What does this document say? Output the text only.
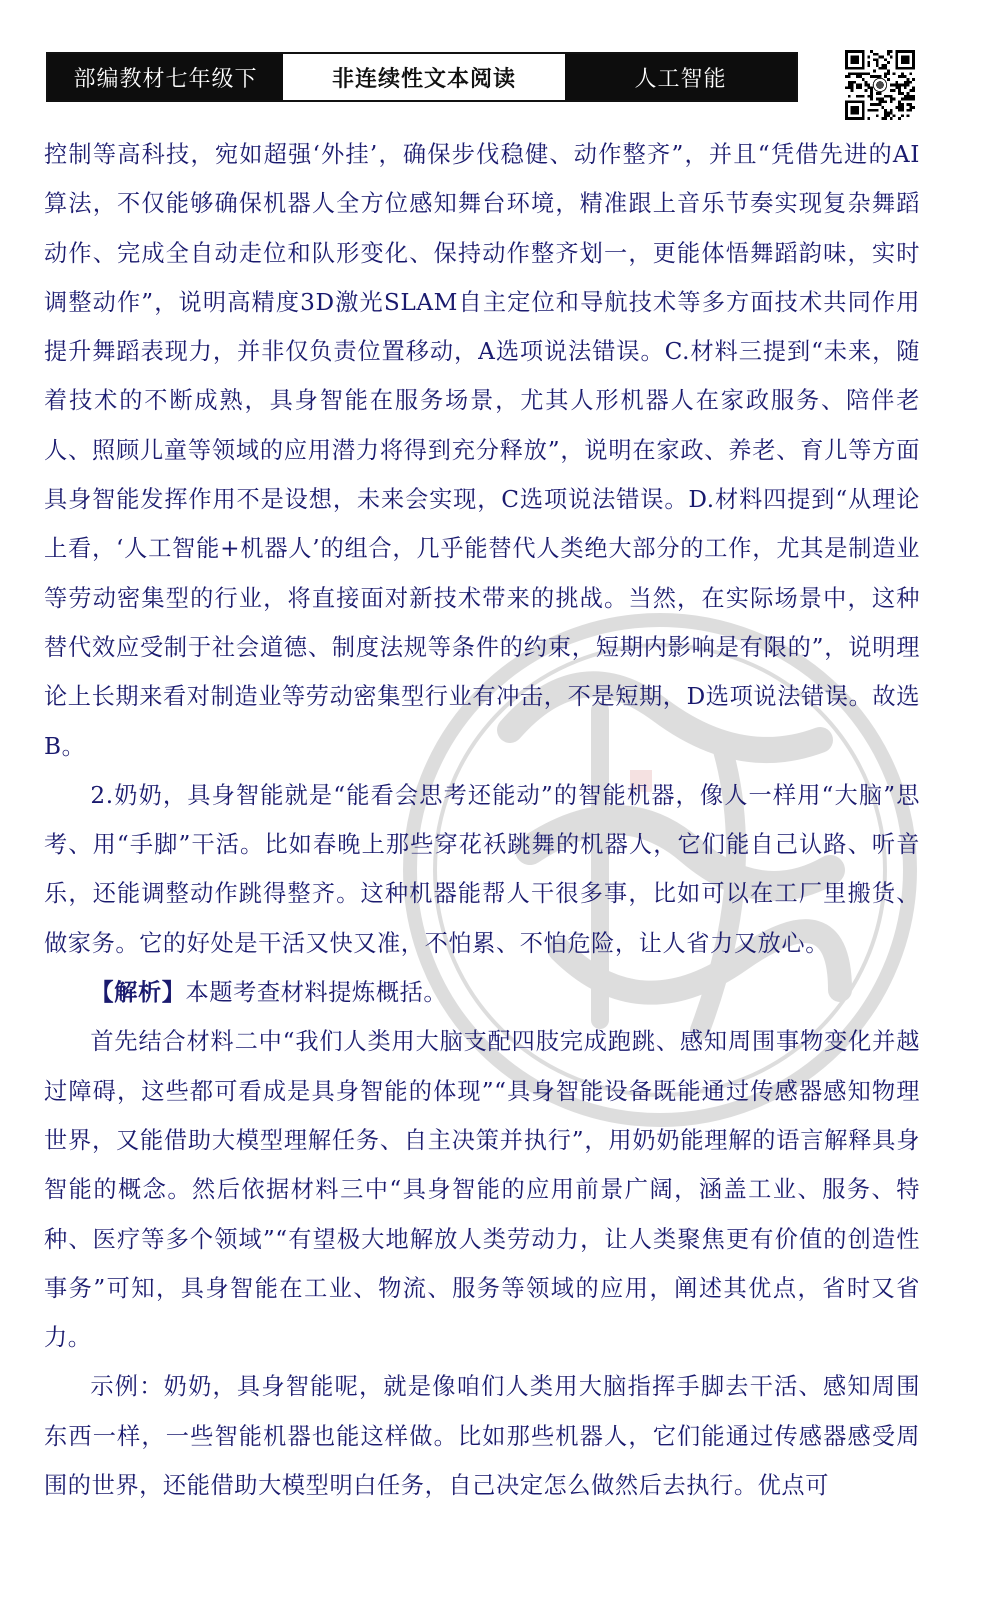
部编教材七年级下	非连续性文本阅读	人工智能

控制等高科技，宛如超强‘外挂’，确保步伐稳健、动作整齐”，并且“凭借先进的AI算法，不仅能够确保机器人全方位感知舞台环境，精准跟上音乐节奏实现复杂舞蹈动作、完成全自动走位和队形变化、保持动作整齐划一，更能体悟舞蹈韵味，实时调整动作”，说明高精度3D激光SLAM自主定位和导航技术等多方面技术共同作用提升舞蹈表现力，并非仅负责位置移动，A选项说法错误。C.材料三提到“未来，随着技术的不断成熟，具身智能在服务场景，尤其人形机器人在家政服务、陪伴老人、照顾儿童等领域的应用潜力将得到充分释放”，说明在家政、养老、育儿等方面具身智能发挥作用不是设想，未来会实现，C选项说法错误。D.材料四提到“从理论上看，‘人工智能+机器人’的组合，几乎能替代人类绝大部分的工作，尤其是制造业等劳动密集型的行业，将直接面对新技术带来的挑战。当然，在实际场景中，这种替代效应受制于社会道德、制度法规等条件的约束，短期内影响是有限的”，说明理论上长期来看对制造业等劳动密集型行业有冲击，不是短期，D选项说法错误。故选B。

2.奶奶，具身智能就是“能看会思考还能动”的智能机器，像人一样用“大脑”思考、用“手脚”干活。比如春晚上那些穿花袄跳舞的机器人，它们能自己认路、听音乐，还能调整动作跳得整齐。这种机器能帮人干很多事，比如可以在工厂里搬货、做家务。它的好处是干活又快又准，不怕累、不怕危险，让人省力又放心。

【解析】本题考查材料提炼概括。

首先结合材料二中“我们人类用大脑支配四肢完成跑跳、感知周围事物变化并越过障碍，这些都可看成是具身智能的体现”“具身智能设备既能通过传感器感知物理世界，又能借助大模型理解任务、自主决策并执行”，用奶奶能理解的语言解释具身智能的概念。然后依据材料三中“具身智能的应用前景广阔，涵盖工业、服务、特种、医疗等多个领域”“有望极大地解放人类劳动力，让人类聚焦更有价值的创造性事务”可知，具身智能在工业、物流、服务等领域的应用，阐述其优点，省时又省力。

示例：奶奶，具身智能呢，就是像咱们人类用大脑指挥手脚去干活、感知周围东西一样，一些智能机器也能这样做。比如那些机器人，它们能通过传感器感受周围的世界，还能借助大模型明白任务，自己决定怎么做然后去执行。优点可
